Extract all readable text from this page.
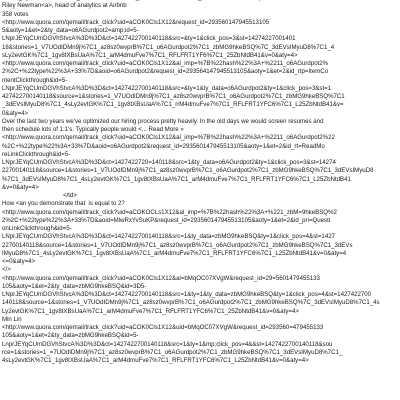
Riley Newman<a>, head of analytics at Airbnb
358 votes
<http://www.quora.com/qemail/track_click?uid=aCOK0Cls1X12&request_id=293560147945513105
5&aoty=1&et=2&ty_data=o6AGurdpot2=amp;id=5-
LNprJEYqCUmDGVhStvcA%3D%3D&ct=1427422700140118&src=&ty=1&click_pos=3&st=14274227001401
18&stories=1_V7UOdIDMn9j%7C1_az8sz0wvprB%7C1_o6AGurdpot2%7C1_zbMG9hkeBSQ%7C_3dEVsIMyuD8%7C1_4
sLy2evtGK%7C1_1gv8tXBsUaA%7C1_arM4dmuFve7%7C1_RFLFRT1YF6%7C1_25ZbNtdB41&v=0&aty=4>
<http://www.quora.com/qemail/track_click?uid=aCOK0Cls1X12&al_imp=%7B%22hash%22%3A+%2211_o6AGurdpot2%
2%2C+%22type%22%3A+33%7D&aoid=o6AGurdpot2&request_id=293564147945513105&aoty=1&et=2&id_rtp=ItemCo
ntentClickthrough&id=5-
LNprJEYqCUmDGVhStvcA%3D%3D&ct=1427422700140118&src=&ty=1&ty_data=o6AGurdpot2&ty=1&click_pos=3&st=1
427422700140118&source=1&stories=1_V7UOdIDMn9j%7C1_az8sz0wvprB%7C1_o6AGurdpot2%7C1_zbMG9hkeBSQ%7C1
_3dEVsIMyuD8%7C1_4sLy2evtGK%7C1_1gv8tXBsUaA%7C1_rrM4dmuFve7%7C1_RFLFRT1YFC6%7C1_L25ZbNtdB41&v=
0&aty=4>
Over the last two years we've optimized our hiring process pretty heavily. In the old days we would screen resumes and
then schedule lots of 1:1's. Typically people would <... Read More »
<http://www.quora.com/qemail/track_click?uid=aCOK0Cls1X12&al_imp=%7B%22hash%22%3A+%2211_o6AGurdpot2%22
%2C+%22type%22%3A+33%7D&aoid=o6AGurdpot2&request_id=293560147945513105&aoty=1&et=2&id_rt=ReadMo
reLinkClickthrough&id=5-
LNprJEYqCUmDGVhStvcA%3D%3D&ct=1427422720=140118&src=1&ty_data=o6AGurdpot2&ty=1&click_pos=3&st=14274
22700140118&source=1&stories=1_V7UOdIDMn9j%7C1_az8sz0wvprB%7C1_o6AGurdpot2%7C1_zbMG9hkeBSQ%7C1_3dEVsIMyuD8
%7C1_3dEVsIMyuD8%7C1_4sLy2evtGK%7C1_1gv8tXBsUaA%7C1_arM4dmuFve7%7C1_RFLFRT1YFC6%7C1_L25ZbNtdB41
&v=0&aty=4>
</td>
How <an you demonstrate that  is equal to 2?
<http://www.quora.com/qemail/track_click?uid=aCOKOCLs1X12&al_imp=%7B%22hash%22%3A+%221_zbM=9hkeBSQ%2
2%2C+%22type%22%3A+33%7D&aoid=MlwRxYvSuKP&request_id=293560147945513105&aoty=1&et=2&id_pri=Questi
onLinkClickthrough&id=5-
LNprJEYqCUmDGVhStvcA%3D%3D&ct=1427422700140118&src=1&ty_data=zbMG9hkeBSQ&ty=1&click_pos=4&st=1427
22700140118&source=1&stories=1_V7UOdIDMn9j%7C1_az8sz0wvprB%7C1_o6AGurdpot2%7C1_zbMG9hkeBSQ%7C1_3dEVs
IMyuD8%7C1_4sLy2evtGK%7C1_1gv8tXBsUaA%7C1_arM4dmuFve7%7C1_RFLFRT1YFC6%7C1_L25ZbNtdB41&v=0&aty=4
<=0&aty=4>
</>
<http://www.quora.com/qemail/track_click?uid=aCOK0Cls1X12&al=bMqOC07XVgW&request_id=29=5601479455133
105&aoty=1&et=2&ty_data=zbMG9hkeBSQ&id=3D5-
LNprJEYqCUmDGVhStvcA%3D%3D&ct=1427422700140118&src=1&ty=1&ty_data=zbMG9hkeBSQ&ty=1&click_pos=4&st=1427422700
140118&source=1&stories=1_V7UOdIDMn9j%7C1_az8sz0wvprB%7C1_o6AGurdpot2%7C1_zbMG9hkeBSQ%7C_3dEVsIMyuD8%7C1_4s
Ly2evtGK%7C1_1gv8tXBsUaA%7C1_arM4dmuFve7%7C1_RFLFRT1YFC6%7C1_25ZbNtdB41&v=0&aty=4>
Min Lin
<http://www.quora.com/qemail/track_click?uid=aCOK0Cls1X12&uid=bMqOC07XVgW&request_id=293560=479455133
105&aoty=1&et=2&ty_data=zbMG9hkeBSQ&id=5-
LnprJEYqCUmDGVhStvcA%3D%3D&ct=1427422700140118&src=1&ty=1&mp;click_pos=4&&st=1427422700140118&sou
rce=1&stories=1_=7UOdIDMn9j%7C1_az8sz0wvprB%7C1_o6AGurdpot2%7C1_zbMG9hkeBSQ%7C1_3dEVsIMyuD8%7C1_
4sLy2evtGK%7C1_1gv8tXBsUaA%7C1_arM4dmuFve7%7C1_RFLFRT1YFC6%7C1_L25ZbNtdB41&v=0&aty=4>
